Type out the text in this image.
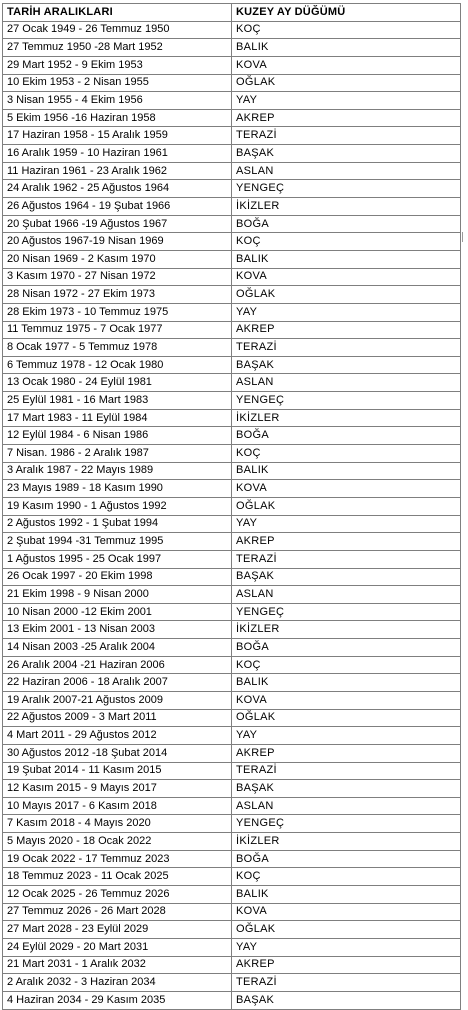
TARİH ARALIKLARI	KUZEY AY DÜĞÜMÜ
27 Ocak 1949 - 26 Temmuz 1950	KOÇ
27 Temmuz 1950 -28 Mart 1952	BALIK
29 Mart 1952 - 9 Ekim 1953	KOVA
10 Ekim 1953 - 2 Nisan 1955	OĞLAK
3 Nisan 1955 - 4 Ekim 1956	YAY
5 Ekim 1956 -16 Haziran 1958	AKREP
17 Haziran 1958 - 15 Aralık 1959	TERAZİ
16 Aralık 1959 - 10 Haziran 1961	BAŞAK
11 Haziran 1961 - 23 Aralık 1962	ASLAN
24 Aralık 1962 - 25 Ağustos 1964	YENGEÇ
26 Ağustos 1964 - 19 Şubat 1966	İKİZLER
20 Şubat 1966 -19 Ağustos 1967	BOĞA
20 Ağustos 1967-19 Nisan 1969	KOÇ
20 Nisan 1969 - 2 Kasım 1970	BALIK
3 Kasım 1970 - 27 Nisan 1972	KOVA
28 Nisan 1972 - 27 Ekim 1973	OĞLAK
28 Ekim 1973 - 10 Temmuz 1975	YAY
11 Temmuz 1975 - 7 Ocak 1977	AKREP
8 Ocak 1977 - 5 Temmuz 1978	TERAZİ
6 Temmuz 1978 - 12 Ocak 1980	BAŞAK
13 Ocak 1980 - 24 Eylül 1981	ASLAN
25 Eylül 1981 - 16 Mart 1983	YENGEÇ
17 Mart 1983 - 11 Eylül 1984	İKİZLER
12 Eylül 1984 - 6 Nisan 1986	BOĞA
7 Nisan. 1986 - 2 Aralık 1987	KOÇ
3 Aralık 1987 - 22 Mayıs 1989	BALIK
23 Mayıs 1989 - 18 Kasım 1990	KOVA
19 Kasım 1990 - 1 Ağustos 1992	OĞLAK
2 Ağustos 1992 - 1 Şubat 1994	YAY
2 Şubat 1994 -31 Temmuz 1995	AKREP
1 Ağustos 1995 - 25 Ocak 1997	TERAZİ
26 Ocak 1997 - 20 Ekim 1998	BAŞAK
21 Ekim 1998 - 9 Nisan 2000	ASLAN
10 Nisan 2000 -12 Ekim 2001	YENGEÇ
13 Ekim 2001 - 13 Nisan 2003	İKİZLER
14 Nisan 2003 -25 Aralık 2004	BOĞA
26 Aralık 2004 -21 Haziran 2006	KOÇ
22 Haziran 2006 - 18 Aralık 2007	BALIK
19 Aralık 2007-21 Ağustos 2009	KOVA
22 Ağustos 2009 - 3 Mart 2011	OĞLAK
4 Mart 2011 - 29 Ağustos 2012	YAY
30 Ağustos 2012 -18 Şubat 2014	AKREP
19 Şubat 2014 - 11 Kasım 2015	TERAZİ
12 Kasım 2015 - 9 Mayıs 2017	BAŞAK
10 Mayıs 2017 - 6 Kasım 2018	ASLAN
7 Kasım 2018 - 4 Mayıs 2020	YENGEÇ
5 Mayıs 2020 - 18 Ocak 2022	İKİZLER
19 Ocak 2022 - 17 Temmuz 2023	BOĞA
18 Temmuz 2023 - 11 Ocak 2025	KOÇ
12 Ocak 2025 - 26 Temmuz 2026	BALIK
27 Temmuz 2026 - 26 Mart 2028	KOVA
27 Mart 2028 - 23 Eylül 2029	OĞLAK
24 Eylül 2029 - 20 Mart 2031	YAY
21 Mart 2031 - 1 Aralık 2032	AKREP
2 Aralık 2032 - 3 Haziran 2034	TERAZİ
4 Haziran 2034 - 29 Kasım 2035	BAŞAK
